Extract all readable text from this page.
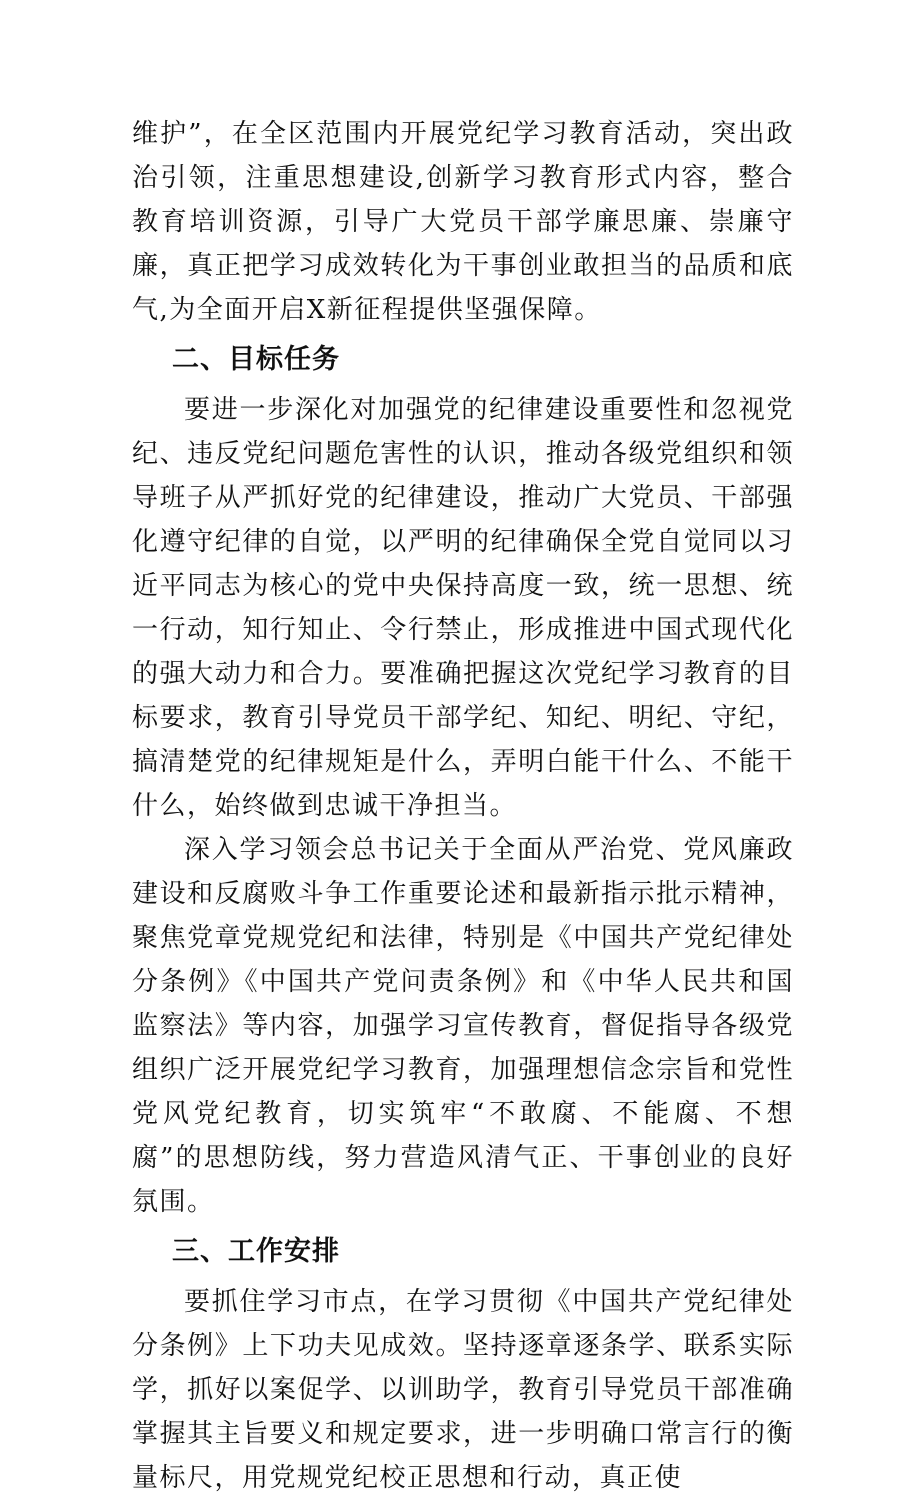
维护”，在全区范围内开展党纪学习教育活动，突出政治引领，注重思想建设,创新学习教育形式内容，整合教育培训资源，引导广大党员干部学廉思廉、崇廉守廉，真正把学习成效转化为干事创业敢担当的品质和底气,为全面开启X新征程提供坚强保障。

二、目标任务

要进一步深化对加强党的纪律建设重要性和忽视党纪、违反党纪问题危害性的认识，推动各级党组织和领导班子从严抓好党的纪律建设，推动广大党员、干部强化遵守纪律的自觉，以严明的纪律确保全党自觉同以习近平同志为核心的党中央保持高度一致，统一思想、统一行动，知行知止、令行禁止，形成推进中国式现代化的强大动力和合力。要准确把握这次党纪学习教育的目标要求，教育引导党员干部学纪、知纪、明纪、守纪，搞清楚党的纪律规矩是什么，弄明白能干什么、不能干什么，始终做到忠诚干净担当。

深入学习领会总书记关于全面从严治党、党风廉政建设和反腐败斗争工作重要论述和最新指示批示精神，聚焦党章党规党纪和法律，特别是《中国共产党纪律处分条例》《中国共产党问责条例》和《中华人民共和国监察法》等内容，加强学习宣传教育，督促指导各级党组织广泛开展党纪学习教育，加强理想信念宗旨和党性党风党纪教育，切实筑牢“不敢腐、不能腐、不想腐”的思想防线，努力营造风清气正、干事创业的良好氛围。

三、工作安排

要抓住学习市点，在学习贯彻《中国共产党纪律处分条例》上下功夫见成效。坚持逐章逐条学、联系实际学，抓好以案促学、以训助学，教育引导党员干部准确掌握其主旨要义和规定要求，进一步明确口常言行的衡量标尺，用党规党纪校正思想和行动，真正使
